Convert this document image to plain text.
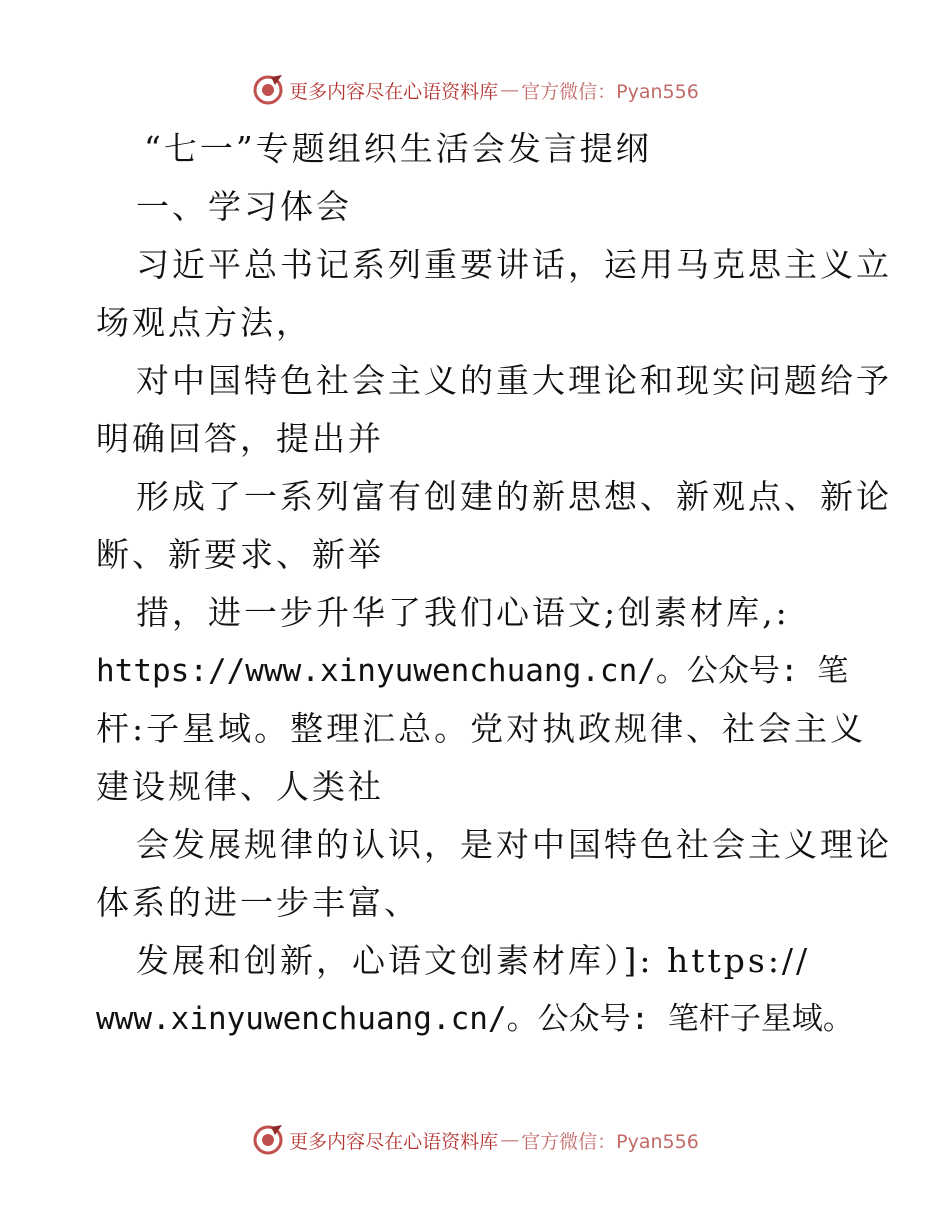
更多内容尽在心语资料库 — 官方微信：Pyan556
“七一”专题组织生活会发言提纲
一、学习体会
习近平总书记系列重要讲话，运用马克思主义立
场观点方法，
对中国特色社会主义的重大理论和现实问题给予
明确回答，提出并
形成了一系列富有创建的新思想、新观点、新论
断、新要求、新举
措，进一步升华了我们心语文;创素材库,:
https://www.xinyuwenchuang.cn/。公众号: 笔
杆:子星域。整理汇总。党对执政规律、社会主义
建设规律、人类社
会发展规律的认识，是对中国特色社会主义理论
体系的进一步丰富、
发展和创新，心语文创素材库）]: https://
www.xinyuwenchuang.cn/。公众号: 笔杆子星域。
更多内容尽在心语资料库 — 官方微信：Pyan556
